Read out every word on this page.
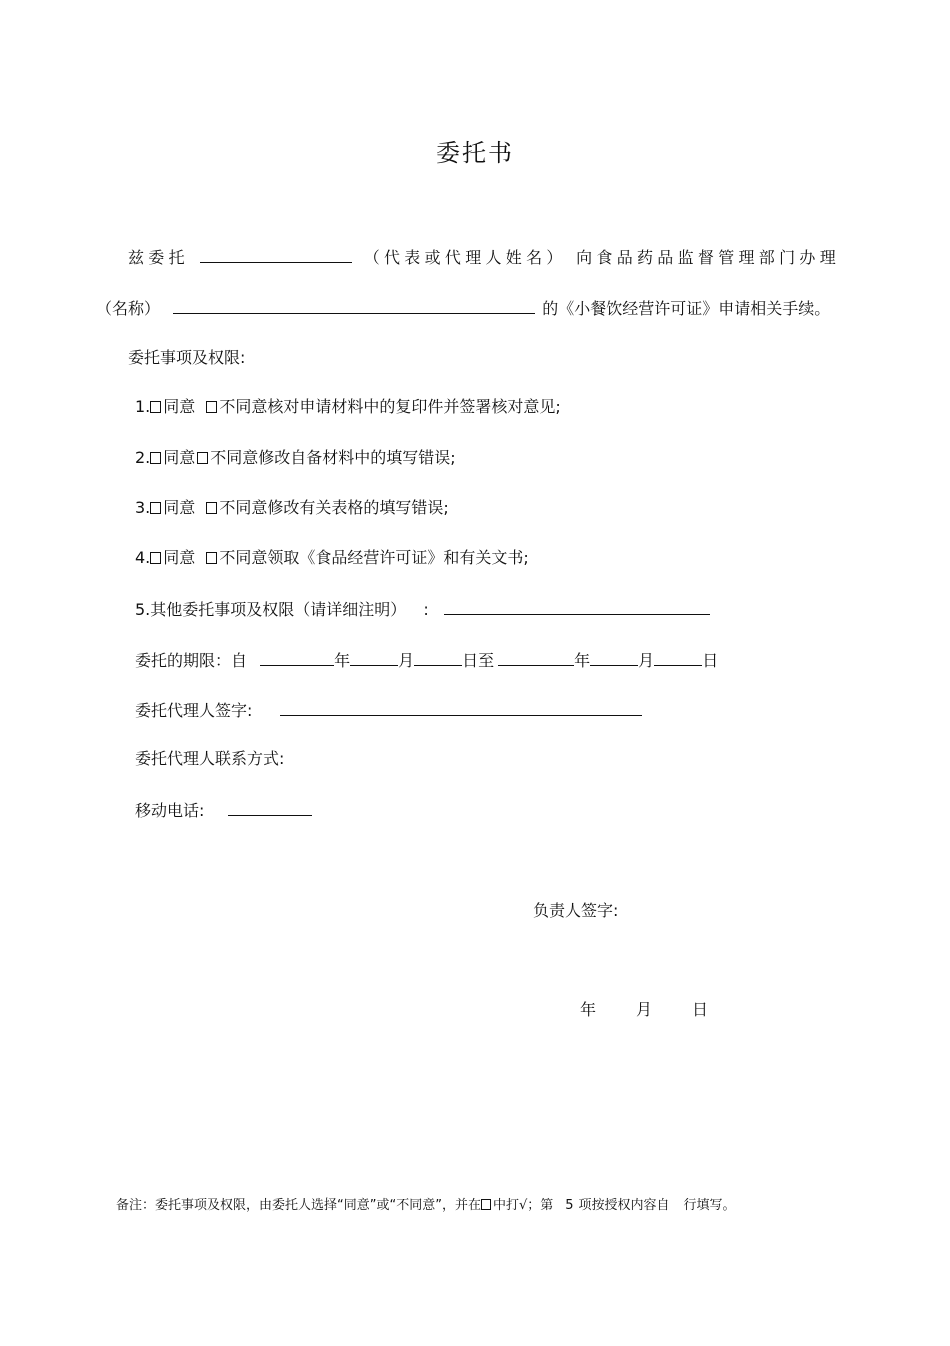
委托书
兹委托	（代表或代理人姓名） 向食品药品监督管理部门办理
（名称）	的《小餐饮经营许可证》申请相关手续。
委托事项及权限:
1. 同意 不同意核对申请材料中的复印件并签署核对意见;
2. 同意 不同意修改自备材料中的填写错误;
3. 同意 不同意修改有关表格的填写错误;
4. 同意 不同意领取《食品经营许可证》和有关文书;
5.其他委托事项及权限（请详细注明） :
委托的期限：自	年	月	日至	年	月	日
委托代理人签字:
委托代理人联系方式:
移动电话:
负责人签字:
年	月	日
备注：委托事项及权限，由委托人选择“同意”或“不同意”，并在 中打√；第 5 项按授权内容自 行填写。
